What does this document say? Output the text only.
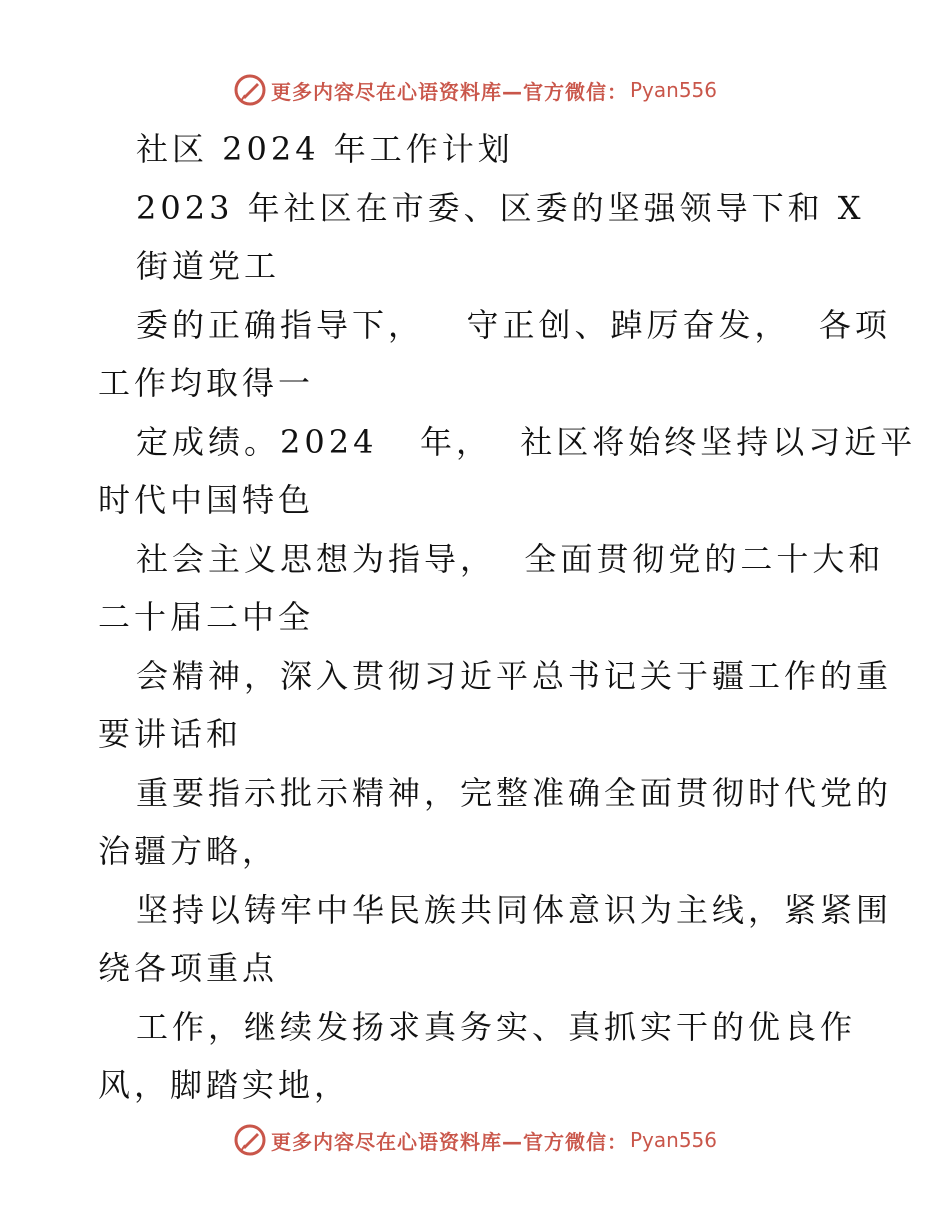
更多内容尽在心语资料库—官方微信： Pyan556
社区 2024 年工作计划
2023 年社区在市委、区委的坚强领导下和 X
街道党工
委的正确指导下，   守正创、踔厉奋发，  各项
工作均取得一
定成绩。2024   年，  社区将始终坚持以习近平
时代中国特色
社会主义思想为指导，  全面贯彻党的二十大和
二十届二中全
会精神，深入贯彻习近平总书记关于疆工作的重
要讲话和
重要指示批示精神，完整准确全面贯彻时代党的
治疆方略，
坚持以铸牢中华民族共同体意识为主线，紧紧围
绕各项重点
工作，继续发扬求真务实、真抓实干的优良作
风，脚踏实地，
更多内容尽在心语资料库—官方微信： Pyan556
